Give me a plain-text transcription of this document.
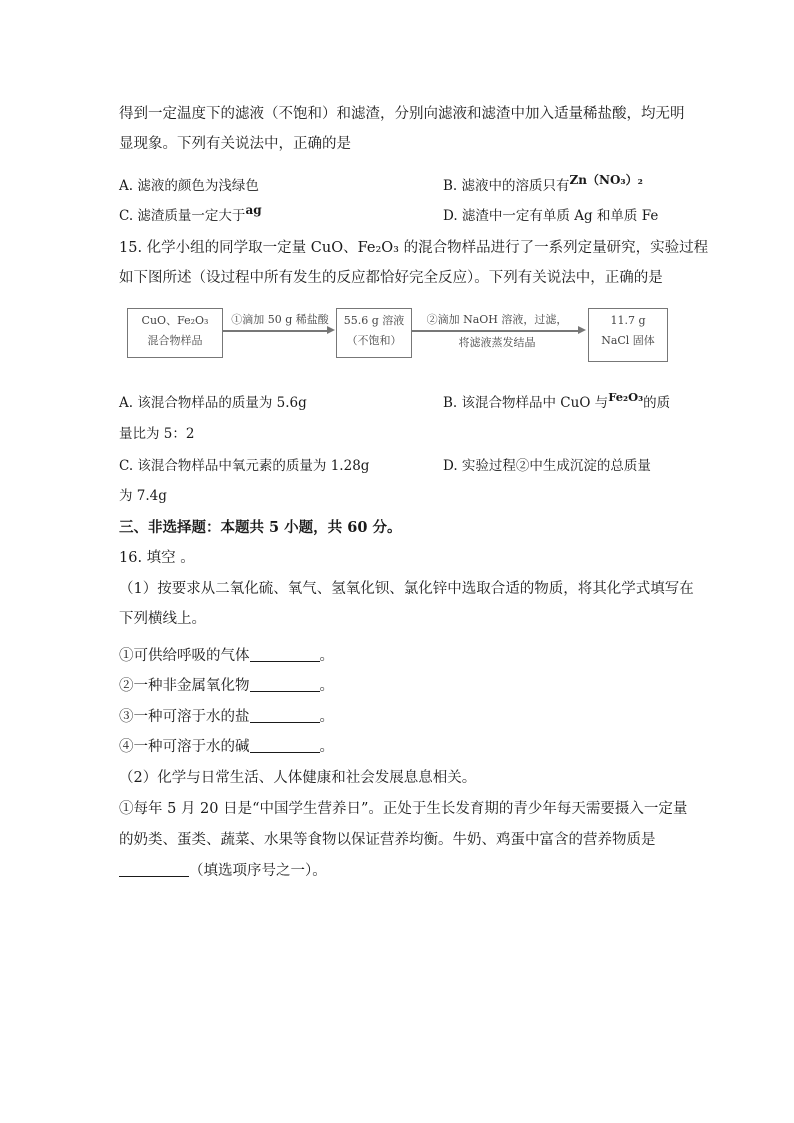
得到一定温度下的滤液（不饱和）和滤渣，分别向滤液和滤渣中加入适量稀盐酸，均无明
显现象。下列有关说法中，正确的是
A. 滤液的颜色为浅绿色	B. 滤液中的溶质只有Zn（NO₃）₂
C. 滤渣质量一定大于ag	D. 滤渣中一定有单质 Ag 和单质 Fe
15. 化学小组的同学取一定量 CuO、Fe₂O₃ 的混合物样品进行了一系列定量研究，实验过程
如下图所述（设过程中所有发生的反应都恰好完全反应）。下列有关说法中，正确的是
CuO、Fe₂O₃
混合物样品
①滴加 50 g 稀盐酸	55.6 g 溶液
（不饱和）
②滴加 NaOH 溶液，过滤，
将滤液蒸发结晶
11.7 g
NaCl 固体
A. 该混合物样品的质量为 5.6g	B. 该混合物样品中 CuO 与Fe₂O₃的质
量比为 5：2
C. 该混合物样品中氧元素的质量为 1.28g	D. 实验过程②中生成沉淀的总质量
为 7.4g
三、非选择题：本题共 5 小题，共 60 分。
16. 填空 。
（1）按要求从二氧化硫、氧气、氢氧化钡、氯化锌中选取合适的物质，将其化学式填写在
下列横线上。
①可供给呼吸的气体	。
②一种非金属氧化物	。
③一种可溶于水的盐	。
④一种可溶于水的碱	。
（2）化学与日常生活、人体健康和社会发展息息相关。
①每年 5 月 20 日是“中国学生营养日”。正处于生长发育期的青少年每天需要摄入一定量
的奶类、蛋类、蔬菜、水果等食物以保证营养均衡。牛奶、鸡蛋中富含的营养物质是
（填选项序号之一）。
